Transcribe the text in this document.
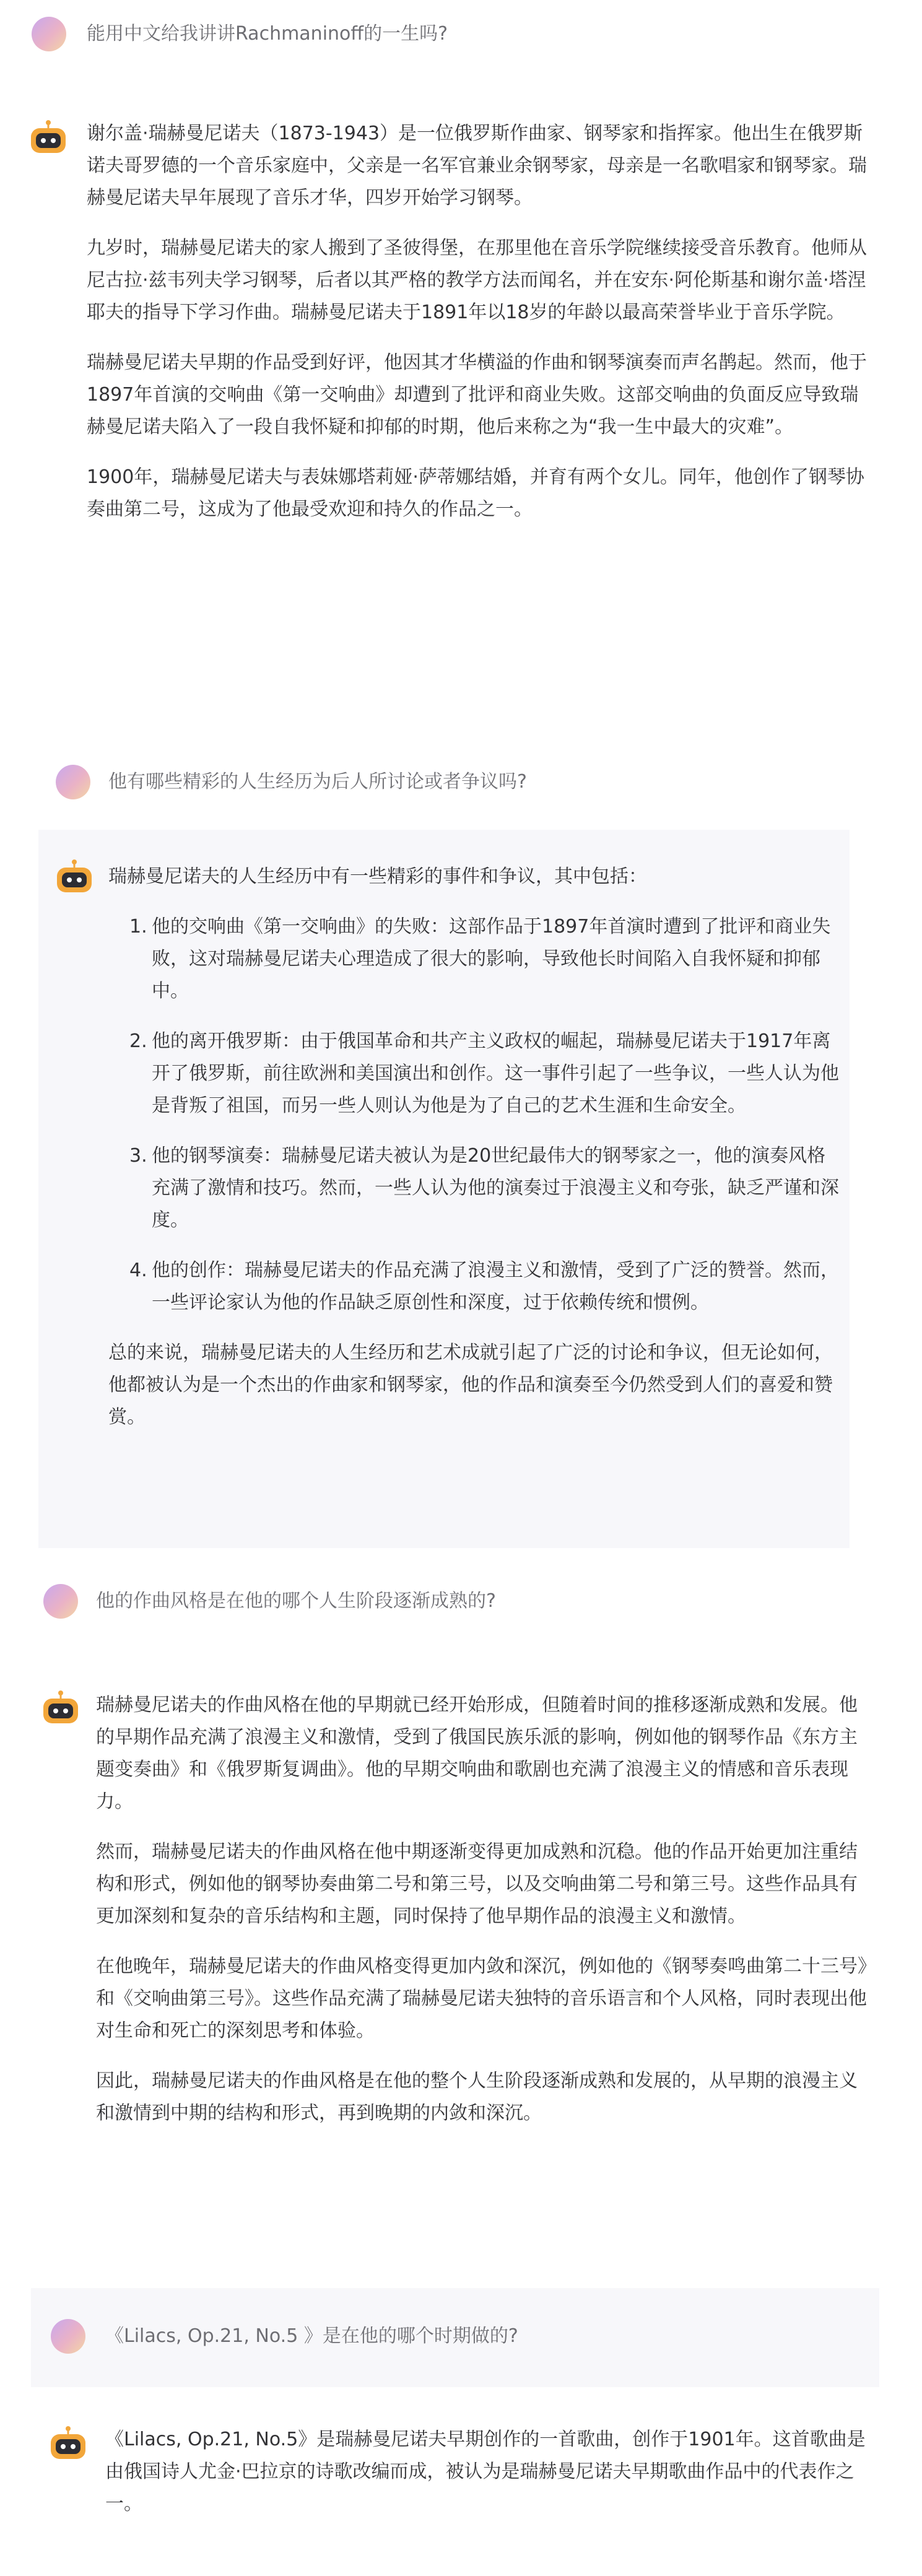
能用中文给我讲讲Rachmaninoff的一生吗?

谢尔盖·瑞赫曼尼诺夫（1873-1943）是一位俄罗斯作曲家、钢琴家和指挥家。他出生在俄罗斯诺夫哥罗德的一个音乐家庭中，父亲是一名军官兼业余钢琴家，母亲是一名歌唱家和钢琴家。瑞赫曼尼诺夫早年展现了音乐才华，四岁开始学习钢琴。

九岁时，瑞赫曼尼诺夫的家人搬到了圣彼得堡，在那里他在音乐学院继续接受音乐教育。他师从尼古拉·兹韦列夫学习钢琴，后者以其严格的教学方法而闻名，并在安东·阿伦斯基和谢尔盖·塔涅耶夫的指导下学习作曲。瑞赫曼尼诺夫于1891年以18岁的年龄以最高荣誉毕业于音乐学院。

瑞赫曼尼诺夫早期的作品受到好评，他因其才华横溢的作曲和钢琴演奏而声名鹊起。然而，他于1897年首演的交响曲《第一交响曲》却遭到了批评和商业失败。这部交响曲的负面反应导致瑞赫曼尼诺夫陷入了一段自我怀疑和抑郁的时期，他后来称之为“我一生中最大的灾难”。

1900年，瑞赫曼尼诺夫与表妹娜塔莉娅·萨蒂娜结婚，并育有两个女儿。同年，他创作了钢琴协奏曲第二号，这成为了他最受欢迎和持久的作品之一。

他有哪些精彩的人生经历为后人所讨论或者争议吗?

瑞赫曼尼诺夫的人生经历中有一些精彩的事件和争议，其中包括：

1. 他的交响曲《第一交响曲》的失败：这部作品于1897年首演时遭到了批评和商业失败，这对瑞赫曼尼诺夫心理造成了很大的影响，导致他长时间陷入自我怀疑和抑郁中。
2. 他的离开俄罗斯：由于俄国革命和共产主义政权的崛起，瑞赫曼尼诺夫于1917年离开了俄罗斯，前往欧洲和美国演出和创作。这一事件引起了一些争议，一些人认为他是背叛了祖国，而另一些人则认为他是为了自己的艺术生涯和生命安全。
3. 他的钢琴演奏：瑞赫曼尼诺夫被认为是20世纪最伟大的钢琴家之一，他的演奏风格充满了激情和技巧。然而，一些人认为他的演奏过于浪漫主义和夸张，缺乏严谨和深度。
4. 他的创作：瑞赫曼尼诺夫的作品充满了浪漫主义和激情，受到了广泛的赞誉。然而，一些评论家认为他的作品缺乏原创性和深度，过于依赖传统和惯例。

总的来说，瑞赫曼尼诺夫的人生经历和艺术成就引起了广泛的讨论和争议，但无论如何，他都被认为是一个杰出的作曲家和钢琴家，他的作品和演奏至今仍然受到人们的喜爱和赞赏。

他的作曲风格是在他的哪个人生阶段逐渐成熟的?

瑞赫曼尼诺夫的作曲风格在他的早期就已经开始形成，但随着时间的推移逐渐成熟和发展。他的早期作品充满了浪漫主义和激情，受到了俄国民族乐派的影响，例如他的钢琴作品《东方主题变奏曲》和《俄罗斯复调曲》。他的早期交响曲和歌剧也充满了浪漫主义的情感和音乐表现力。

然而，瑞赫曼尼诺夫的作曲风格在他中期逐渐变得更加成熟和沉稳。他的作品开始更加注重结构和形式，例如他的钢琴协奏曲第二号和第三号，以及交响曲第二号和第三号。这些作品具有更加深刻和复杂的音乐结构和主题，同时保持了他早期作品的浪漫主义和激情。

在他晚年，瑞赫曼尼诺夫的作曲风格变得更加内敛和深沉，例如他的《钢琴奏鸣曲第二十三号》和《交响曲第三号》。这些作品充满了瑞赫曼尼诺夫独特的音乐语言和个人风格，同时表现出他对生命和死亡的深刻思考和体验。

因此，瑞赫曼尼诺夫的作曲风格是在他的整个人生阶段逐渐成熟和发展的，从早期的浪漫主义和激情到中期的结构和形式，再到晚期的内敛和深沉。

《Lilacs, Op.21, No.5 》是在他的哪个时期做的?

《Lilacs, Op.21, No.5》是瑞赫曼尼诺夫早期创作的一首歌曲，创作于1901年。这首歌曲是由俄国诗人尤金·巴拉京的诗歌改编而成，被认为是瑞赫曼尼诺夫早期歌曲作品中的代表作之一。
